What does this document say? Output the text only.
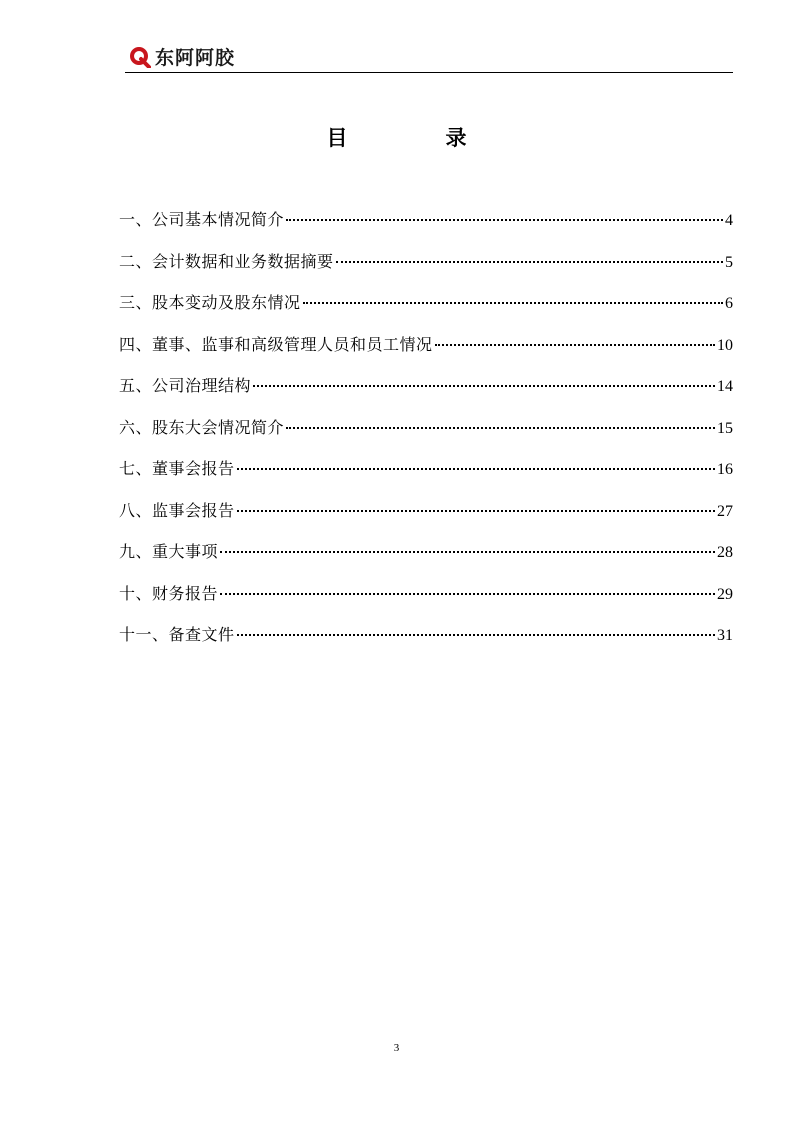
东阿阿胶
目	录
一、公司基本情况简介	4
二、会计数据和业务数据摘要	5
三、股本变动及股东情况	6
四、董事、监事和高级管理人员和员工情况	10
五、公司治理结构	14
六、股东大会情况简介	15
七、董事会报告	16
八、监事会报告	27
九、重大事项	28
十、财务报告	29
十一、备查文件	31
3
